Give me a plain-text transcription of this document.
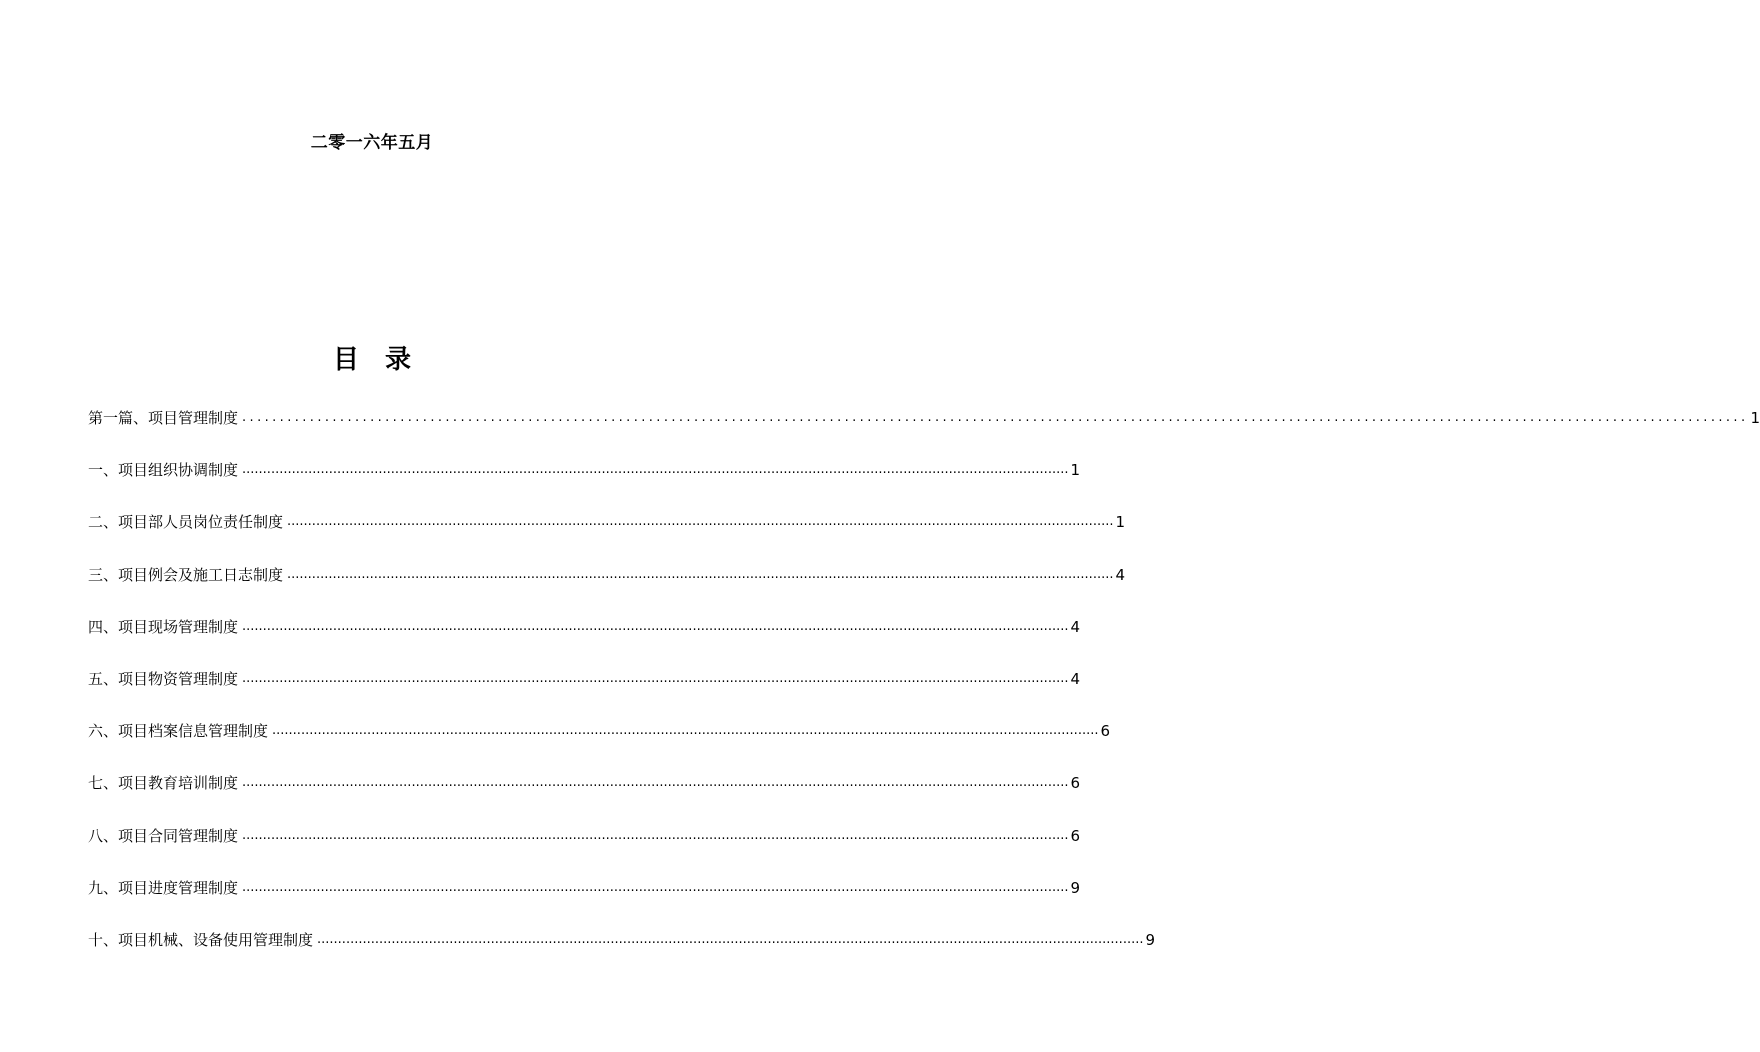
二零一六年五月
目 录
第一篇、项目管理制度 ........................................................................................................................................................................................................ 1
一、项目组织协调制度 ........................................................................................................................................................................................................ 1
二、项目部人员岗位责任制度 ........................................................................................................................................................................................................ 1
三、项目例会及施工日志制度 ........................................................................................................................................................................................................ 4
四、项目现场管理制度 ........................................................................................................................................................................................................ 4
五、项目物资管理制度 ........................................................................................................................................................................................................ 4
六、项目档案信息管理制度 ........................................................................................................................................................................................................ 6
七、项目教育培训制度 ........................................................................................................................................................................................................ 6
八、项目合同管理制度 ........................................................................................................................................................................................................ 6
九、项目进度管理制度 ........................................................................................................................................................................................................ 9
十、项目机械、设备使用管理制度 ........................................................................................................................................................................................................ 9
